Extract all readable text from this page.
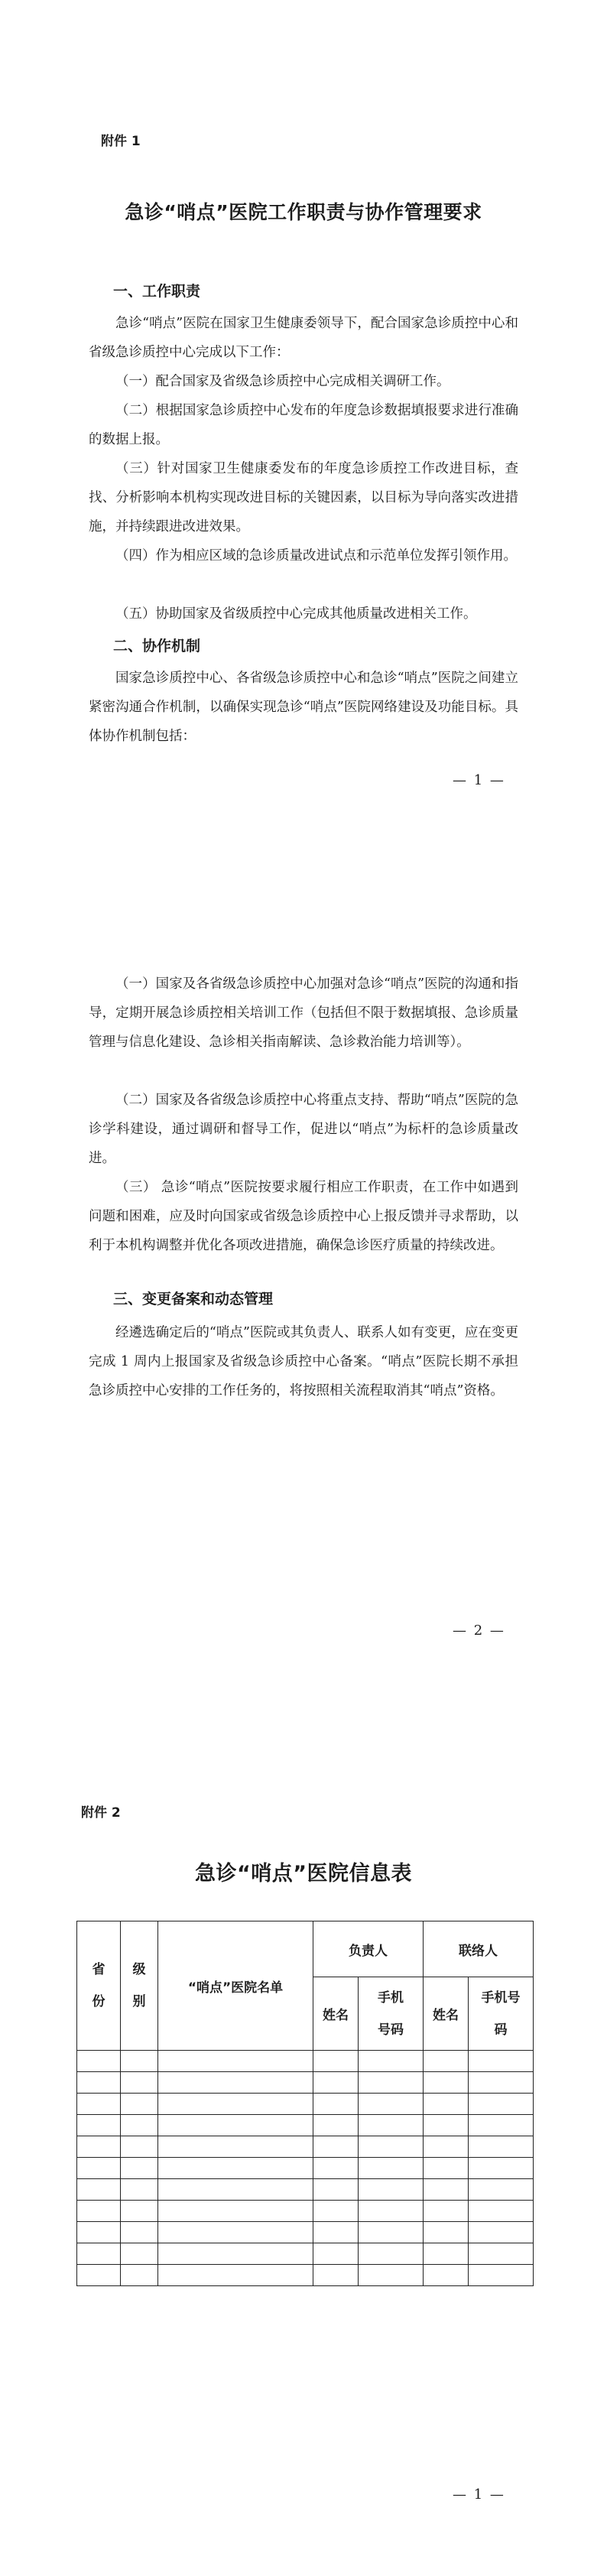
附件 1
急诊“哨点”医院工作职责与协作管理要求
一、工作职责

急诊“哨点”医院在国家卫生健康委领导下，配合国家急诊质控中心和省级急诊质控中心完成以下工作：

（一）配合国家及省级急诊质控中心完成相关调研工作。

（二）根据国家急诊质控中心发布的年度急诊数据填报要求进行准确的数据上报。

（三）针对国家卫生健康委发布的年度急诊质控工作改进目标，查找、分析影响本机构实现改进目标的关键因素，以目标为导向落实改进措施，并持续跟进改进效果。

（四）作为相应区域的急诊质量改进试点和示范单位发挥引领作用。

（五）协助国家及省级质控中心完成其他质量改进相关工作。

二、协作机制

国家急诊质控中心、各省级急诊质控中心和急诊“哨点”医院之间建立紧密沟通合作机制，以确保实现急诊“哨点”医院网络建设及功能目标。具体协作机制包括：

— 1 —

（一）国家及各省级急诊质控中心加强对急诊“哨点”医院的沟通和指导，定期开展急诊质控相关培训工作（包括但不限于数据填报、急诊质量管理与信息化建设、急诊相关指南解读、急诊救治能力培训等）。

（二）国家及各省级急诊质控中心将重点支持、帮助“哨点”医院的急诊学科建设，通过调研和督导工作，促进以“哨点”为标杆的急诊质量改进。

（三） 急诊“哨点”医院按要求履行相应工作职责，在工作中如遇到问题和困难，应及时向国家或省级急诊质控中心上报反馈并寻求帮助，以利于本机构调整并优化各项改进措施，确保急诊医疗质量的持续改进。

三、变更备案和动态管理

经遴选确定后的“哨点”医院或其负责人、联系人如有变更，应在变更完成 1 周内上报国家及省级急诊质控中心备案。“哨点”医院长期不承担急诊质控中心安排的工作任务的，将按照相关流程取消其“哨点”资格。

— 2 —
附件 2
急诊“哨点”医院信息表
省份	级别	“哨点”医院名单	负责人		联络人	
			姓名	手机号码	姓名	手机号码

— 1 —
